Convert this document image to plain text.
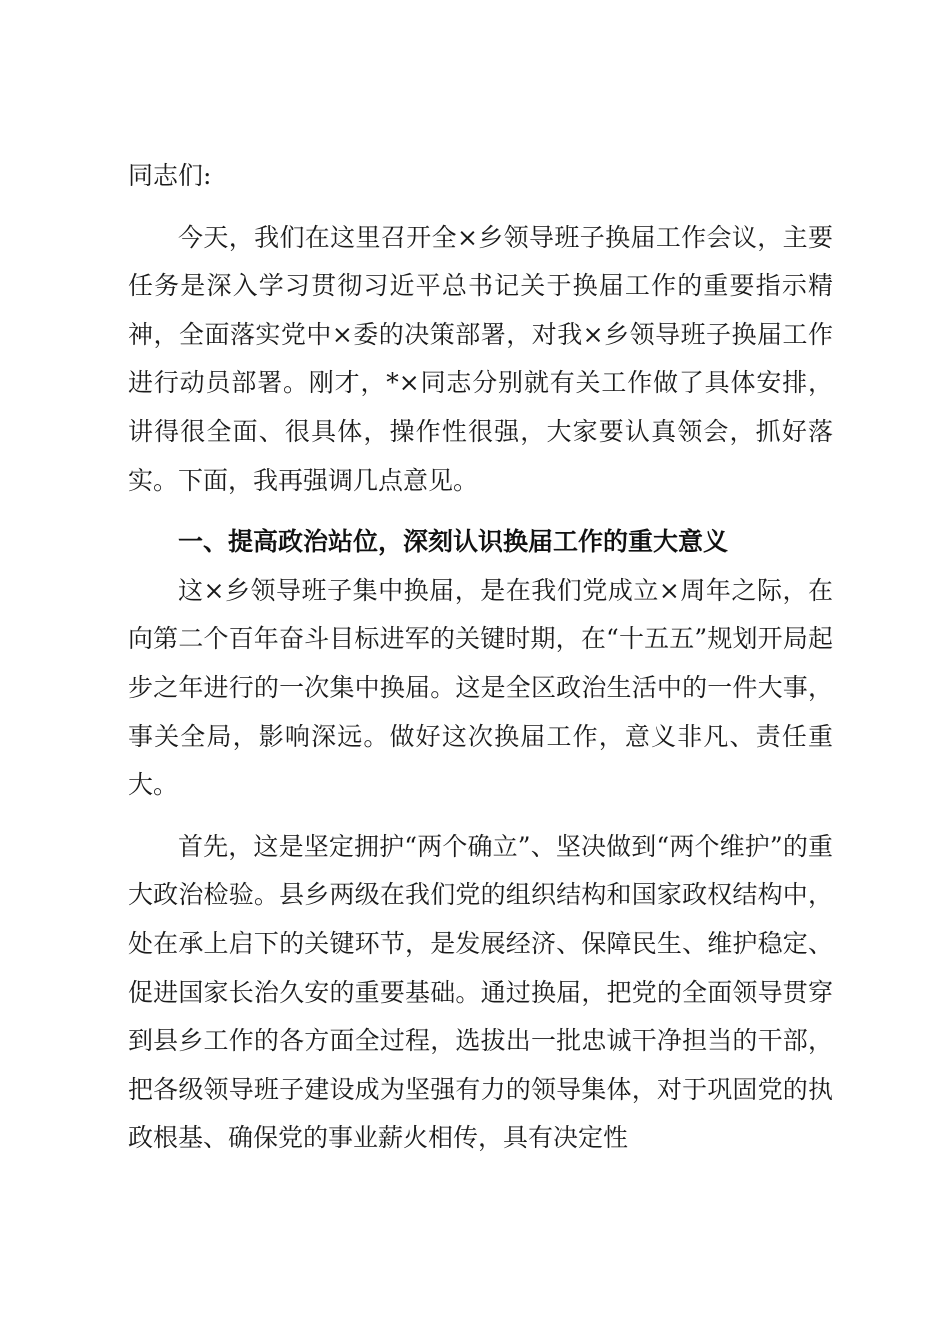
同志们:

今天，我们在这里召开全×乡领导班子换届工作会议，主要任务是深入学习贯彻习近平总书记关于换届工作的重要指示精神，全面落实党中×委的决策部署，对我×乡领导班子换届工作进行动员部署。刚才，*×同志分别就有关工作做了具体安排，讲得很全面、很具体，操作性很强，大家要认真领会，抓好落实。下面，我再强调几点意见。

一、提高政治站位，深刻认识换届工作的重大意义

这×乡领导班子集中换届，是在我们党成立×周年之际，在向第二个百年奋斗目标进军的关键时期，在“十五五”规划开局起步之年进行的一次集中换届。这是全区政治生活中的一件大事，事关全局，影响深远。做好这次换届工作，意义非凡、责任重大。

首先，这是坚定拥护“两个确立”、坚决做到“两个维护”的重大政治检验。县乡两级在我们党的组织结构和国家政权结构中，处在承上启下的关键环节，是发展经济、保障民生、维护稳定、促进国家长治久安的重要基础。通过换届，把党的全面领导贯穿到县乡工作的各方面全过程，选拔出一批忠诚干净担当的干部，把各级领导班子建设成为坚强有力的领导集体，对于巩固党的执政根基、确保党的事业薪火相传，具有决定性
